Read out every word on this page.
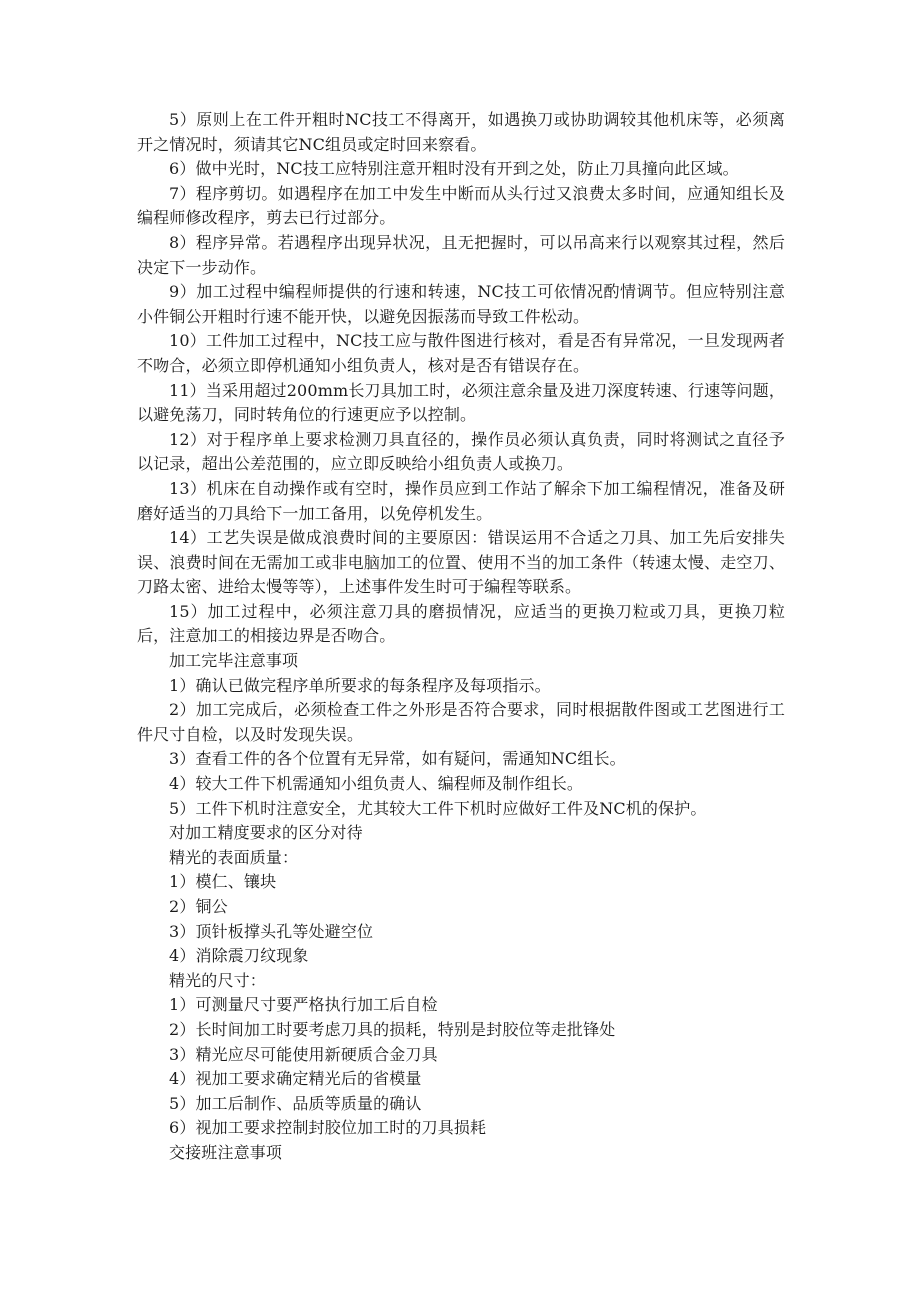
5）原则上在工件开粗时NC技工不得离开，如遇换刀或协助调较其他机床等，必须离开之情况时，须请其它NC组员或定时回来察看。

6）做中光时，NC技工应特别注意开粗时没有开到之处，防止刀具撞向此区域。

7）程序剪切。如遇程序在加工中发生中断而从头行过又浪费太多时间，应通知组长及编程师修改程序，剪去已行过部分。

8）程序异常。若遇程序出现异状况，且无把握时，可以吊高来行以观察其过程，然后决定下一步动作。

9）加工过程中编程师提供的行速和转速，NC技工可依情况酌情调节。但应特别注意小件铜公开粗时行速不能开快，以避免因振荡而导致工件松动。

10）工件加工过程中，NC技工应与散件图进行核对，看是否有异常况，一旦发现两者不吻合，必须立即停机通知小组负责人，核对是否有错误存在。

11）当采用超过200mm长刀具加工时，必须注意余量及进刀深度转速、行速等问题，以避免荡刀，同时转角位的行速更应予以控制。

12）对于程序单上要求检测刀具直径的，操作员必须认真负责，同时将测试之直径予以记录，超出公差范围的，应立即反映给小组负责人或换刀。

13）机床在自动操作或有空时，操作员应到工作站了解余下加工编程情况，准备及研磨好适当的刀具给下一加工备用，以免停机发生。

14）工艺失误是做成浪费时间的主要原因：错误运用不合适之刀具、加工先后安排失误、浪费时间在无需加工或非电脑加工的位置、使用不当的加工条件（转速太慢、走空刀、刀路太密、进给太慢等等），上述事件发生时可于编程等联系。

15）加工过程中，必须注意刀具的磨损情况，应适当的更换刀粒或刀具，更换刀粒后，注意加工的相接边界是否吻合。

加工完毕注意事项

1）确认已做完程序单所要求的每条程序及每项指示。

2）加工完成后，必须检查工件之外形是否符合要求，同时根据散件图或工艺图进行工件尺寸自检，以及时发现失误。

3）查看工件的各个位置有无异常，如有疑问，需通知NC组长。

4）较大工件下机需通知小组负责人、编程师及制作组长。

5）工件下机时注意安全，尤其较大工件下机时应做好工件及NC机的保护。

对加工精度要求的区分对待

精光的表面质量：

1）模仁、镶块

2）铜公

3）顶针板撑头孔等处避空位

4）消除震刀纹现象

精光的尺寸：

1）可测量尺寸要严格执行加工后自检

2）长时间加工时要考虑刀具的损耗，特别是封胶位等走批锋处

3）精光应尽可能使用新硬质合金刀具

4）视加工要求确定精光后的省模量

5）加工后制作、品质等质量的确认

6）视加工要求控制封胶位加工时的刀具损耗

交接班注意事项
